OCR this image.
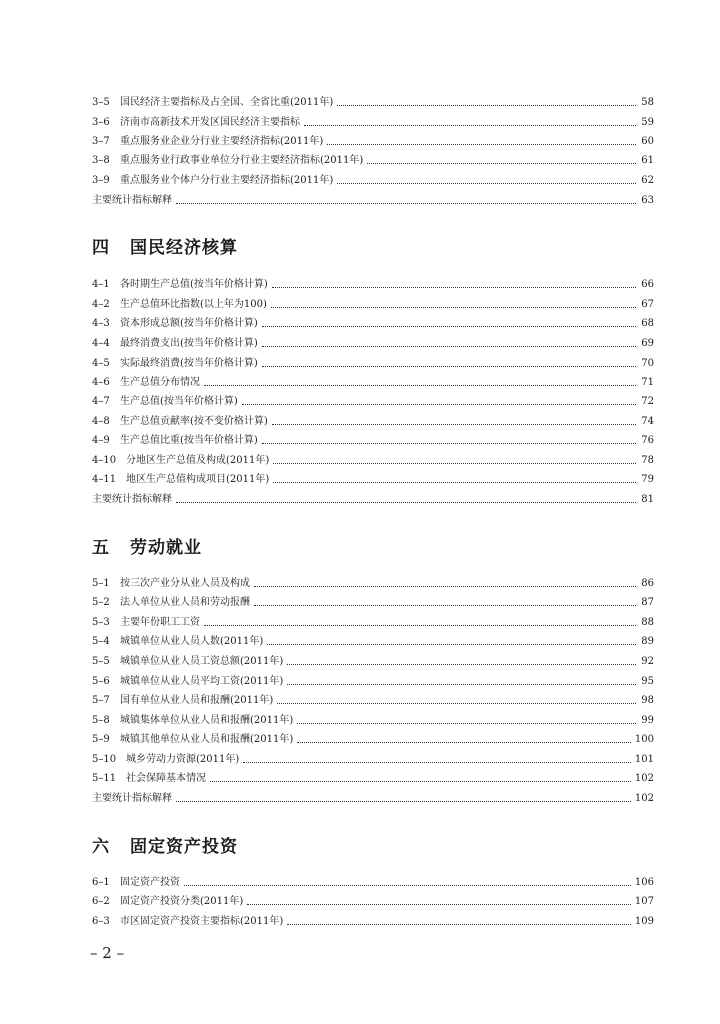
3–5	国民经济主要指标及占全国、全省比重(2011年)	58
3–6	济南市高新技术开发区国民经济主要指标	59
3–7	重点服务业企业分行业主要经济指标(2011年)	60
3–8	重点服务业行政事业单位分行业主要经济指标(2011年)	61
3–9	重点服务业个体户分行业主要经济指标(2011年)	62
主要统计指标解释	63
四 国民经济核算
4–1	各时期生产总值(按当年价格计算)	66
4–2	生产总值环比指数(以上年为100)	67
4–3	资本形成总额(按当年价格计算)	68
4–4	最终消费支出(按当年价格计算)	69
4–5	实际最终消费(按当年价格计算)	70
4–6	生产总值分布情况	71
4–7	生产总值(按当年价格计算)	72
4–8	生产总值贡献率(按不变价格计算)	74
4–9	生产总值比重(按当年价格计算)	76
4–10 分地区生产总值及构成(2011年)	78
4–11 地区生产总值构成项目(2011年)	79
主要统计指标解释	81
五 劳动就业
5–1	按三次产业分从业人员及构成	86
5–2	法人单位从业人员和劳动报酬	87
5–3	主要年份职工工资	88
5–4	城镇单位从业人员人数(2011年)	89
5–5	城镇单位从业人员工资总额(2011年)	92
5–6	城镇单位从业人员平均工资(2011年)	95
5–7	国有单位从业人员和报酬(2011年)	98
5–8	城镇集体单位从业人员和报酬(2011年)	99
5–9	城镇其他单位从业人员和报酬(2011年)	100
5–10 城乡劳动力资源(2011年)	101
5–11 社会保障基本情况	102
主要统计指标解释	102
六 固定资产投资
6–1	固定资产投资	106
6–2	固定资产投资分类(2011年)	107
6–3	市区固定资产投资主要指标(2011年)	109
– 2 –
